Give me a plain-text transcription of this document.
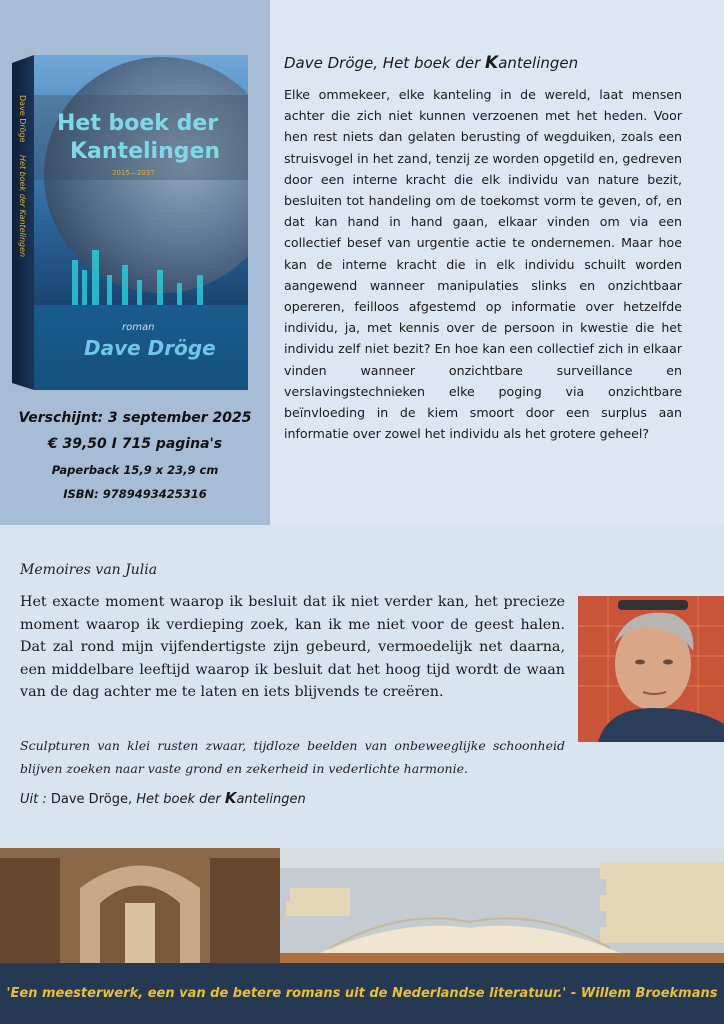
Het boek der
Kantelingen
2015—2037
roman
Dave Dröge
Dave Dröge
Het boek der Kantelingen
Verschijnt: 3 september 2025
€ 39,50 I 715 pagina's
Paperback 15,9 x 23,9 cm
ISBN: 9789493425316
Dave Dröge, Het boek der Kantelingen
Elke ommekeer, elke kanteling in de wereld, laat mensen achter die zich niet kunnen verzoenen met het heden. Voor hen rest niets dan gelaten berusting of wegduiken, zoals een struisvogel in het zand, tenzij ze worden opgetild en, gedreven door een interne kracht die elk individu van nature bezit, besluiten tot handeling om de toekomst vorm te geven, of, en dat kan hand in hand gaan, elkaar vinden om via een collectief besef van urgentie actie te ondernemen. Maar hoe kan de interne kracht die in elk individu schuilt worden aangewend wanneer manipulaties slinks en onzichtbaar opereren, feilloos afgestemd op informatie over hetzelfde individu, ja, met kennis over de persoon in kwestie die het individu zelf niet bezit? En hoe kan een collectief zich in elkaar vinden wanneer onzichtbare surveillance en verslavingstechnieken elke poging via onzichtbare beïnvloeding in de kiem smoort door een surplus aan informatie over zowel het individu als het grotere geheel?
Memoires van Julia
Het exacte moment waarop ik besluit dat ik niet verder kan, het precieze moment waarop ik verdieping zoek, kan ik me niet voor de geest halen. Dat zal rond mijn vijfendertigste zijn gebeurd, vermoedelijk net daarna, een middelbare leeftijd waarop ik besluit dat het hoog tijd wordt de waan van de dag achter me te laten en iets blijvends te creëren.
Sculpturen van klei rusten zwaar, tijdloze beelden van onbeweeglijke schoonheid blijven zoeken naar vaste grond en zekerheid in vederlichte harmonie.
Uit : Dave Dröge, Het boek der Kantelingen
'Een meesterwerk, een van de betere romans uit de Nederlandse literatuur.' - Willem Broekmans
